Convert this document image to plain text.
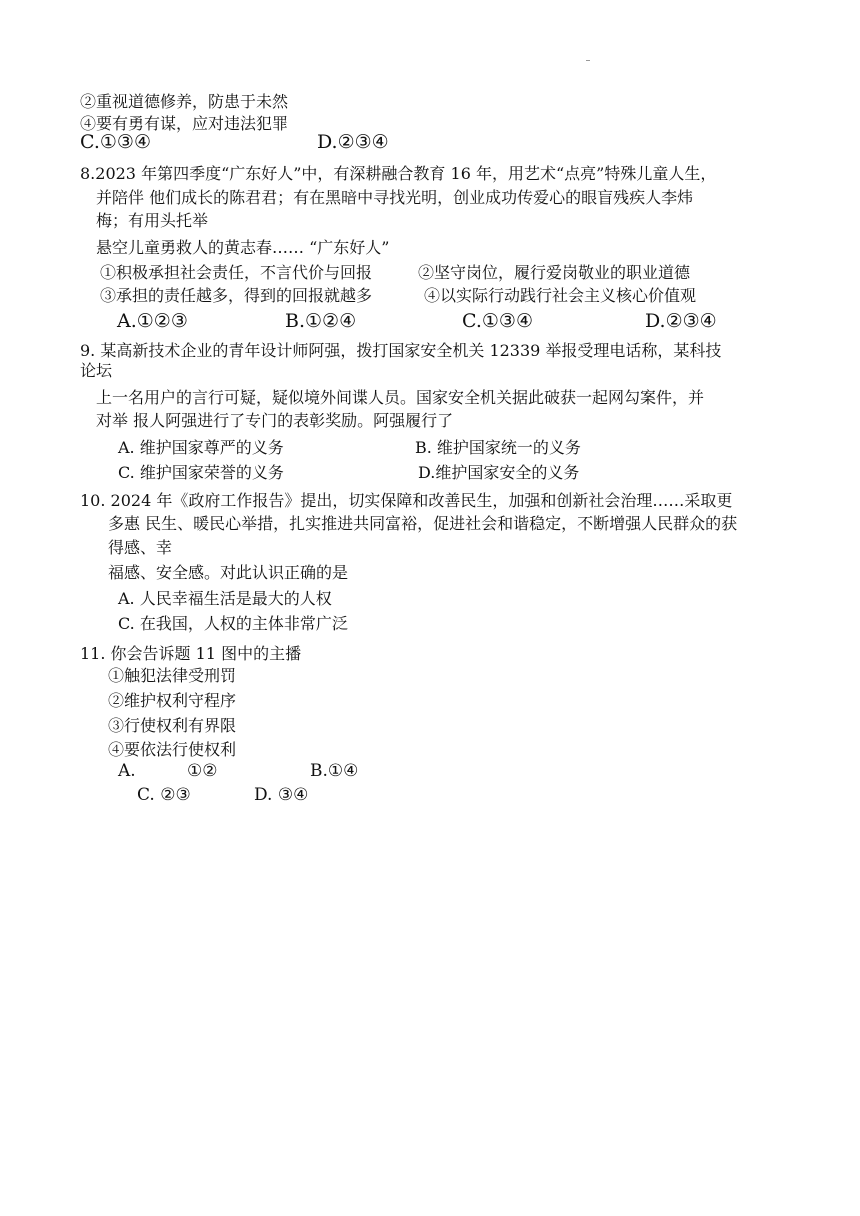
②重视道德修养，防患于未然
④要有勇有谋，应对违法犯罪
C.①③④	D.②③④
8.2023 年第四季度“广东好人”中，有深耕融合教育 16 年，用艺术“点亮”特殊儿童人生，
并陪伴 他们成长的陈君君；有在黑暗中寻找光明，创业成功传爱心的眼盲残疾人李炜
梅；有用头托举
悬空儿童勇救人的黄志春…… “广东好人”
①积极承担社会责任，不言代价与回报	②坚守岗位，履行爱岗敬业的职业道德
③承担的责任越多，得到的回报就越多	④以实际行动践行社会主义核心价值观
A.①②③	B.①②④	C.①③④	D.②③④
9. 某高新技术企业的青年设计师阿强，拨打国家安全机关 12339 举报受理电话称，某科技
论坛
上一名用户的言行可疑，疑似境外间谍人员。国家安全机关据此破获一起网勾案件，并
对举 报人阿强进行了专门的表彰奖励。阿强履行了
A. 维护国家尊严的义务	B. 维护国家统一的义务
C. 维护国家荣誉的义务	D.维护国家安全的义务
10. 2024 年《政府工作报告》提出，切实保障和改善民生，加强和创新社会治理……采取更
多惠 民生、暖民心举措，扎实推进共同富裕，促进社会和谐稳定，不断增强人民群众的获
得感、幸
福感、安全感。对此认识正确的是
A. 人民幸福生活是最大的人权
C. 在我国，人权的主体非常广泛
11. 你会告诉题 11 图中的主播
①触犯法律受刑罚
②维护权利守程序
③行使权利有界限
④要依法行使权利
A.	①②	B.①④
C. ②③	D. ③④
